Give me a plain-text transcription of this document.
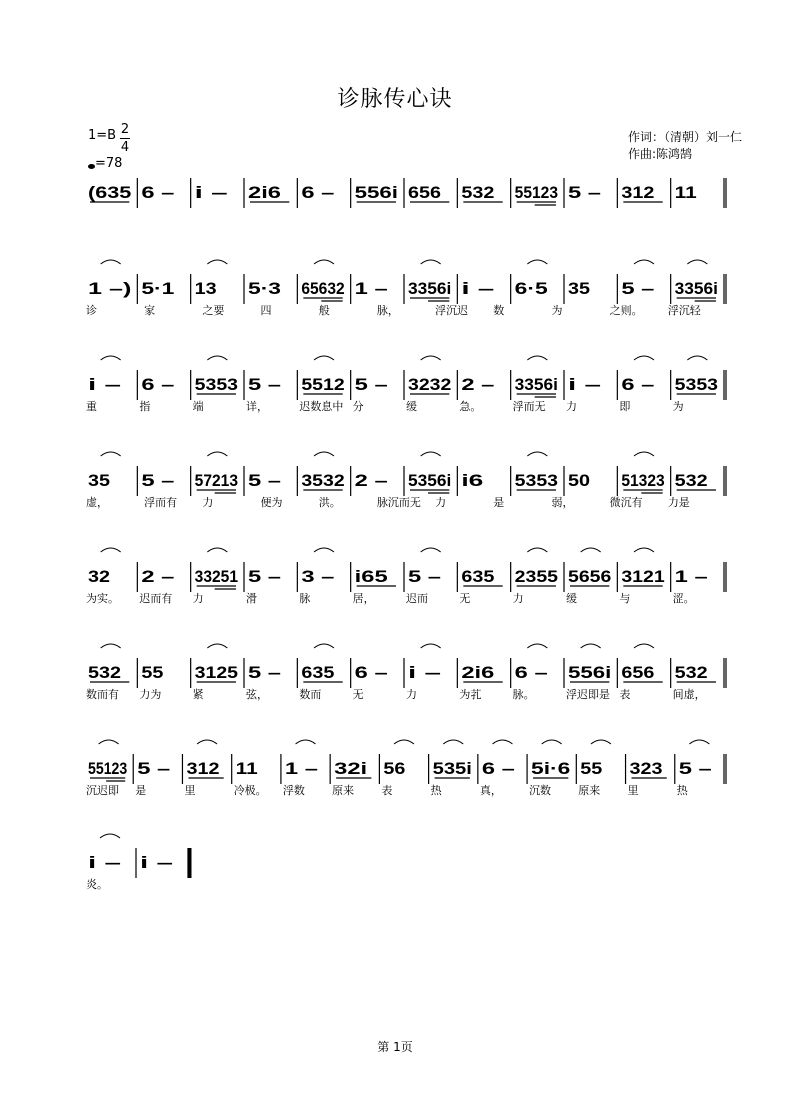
诊脉传心诀
1=B 2
4
=78
作词：（清朝）刘一仁
作曲:陈鸿鹄
(635 6 – i – 2i6 6 – 556i 656 532 55123 5 – 312 11
1 –) 5·1 13 5·3 65632 1 – 3356i i – 6·5 35 5 – 3356i
诊	家	之要	四	般	脉，	浮沉迟 数	为	之则。 浮沉轻
i – 6 – 5353 5 – 5512 5 – 3232 2 – 3356i i – 6 – 5353
重	指	端	详，	迟数息中 分	缓	急。	浮而无 力	即	为
35 5 – 57213 5 – 3532 2 – 5356i i6 5353 50 51323 532
虚，	浮而有 力	便为	洪。	脉沉而无 力	是	弱，	微沉有 力是
32 2 – 33251 5 – 3 – i65 5 – 635 2355 5656 3121 1 –
为实。 迟而有 力	滑	脉	居，	迟而	无	力	缓	与	涩。
532 55 3125 5 – 635 6 – i – 2i6 6 – 556i 656 532
数而有 力为	紧	弦，	数而	无	力	为芤	脉。	浮迟即是 表	间虚，
55123 5 – 312 11 1 – 32i 56 535i 6 – 5i·6 55 323 5 –
沉迟即 是	里	冷极。 浮数 原来 表	热	真， 沉数 原来 里	热
i – i –
炎。
第 1页
